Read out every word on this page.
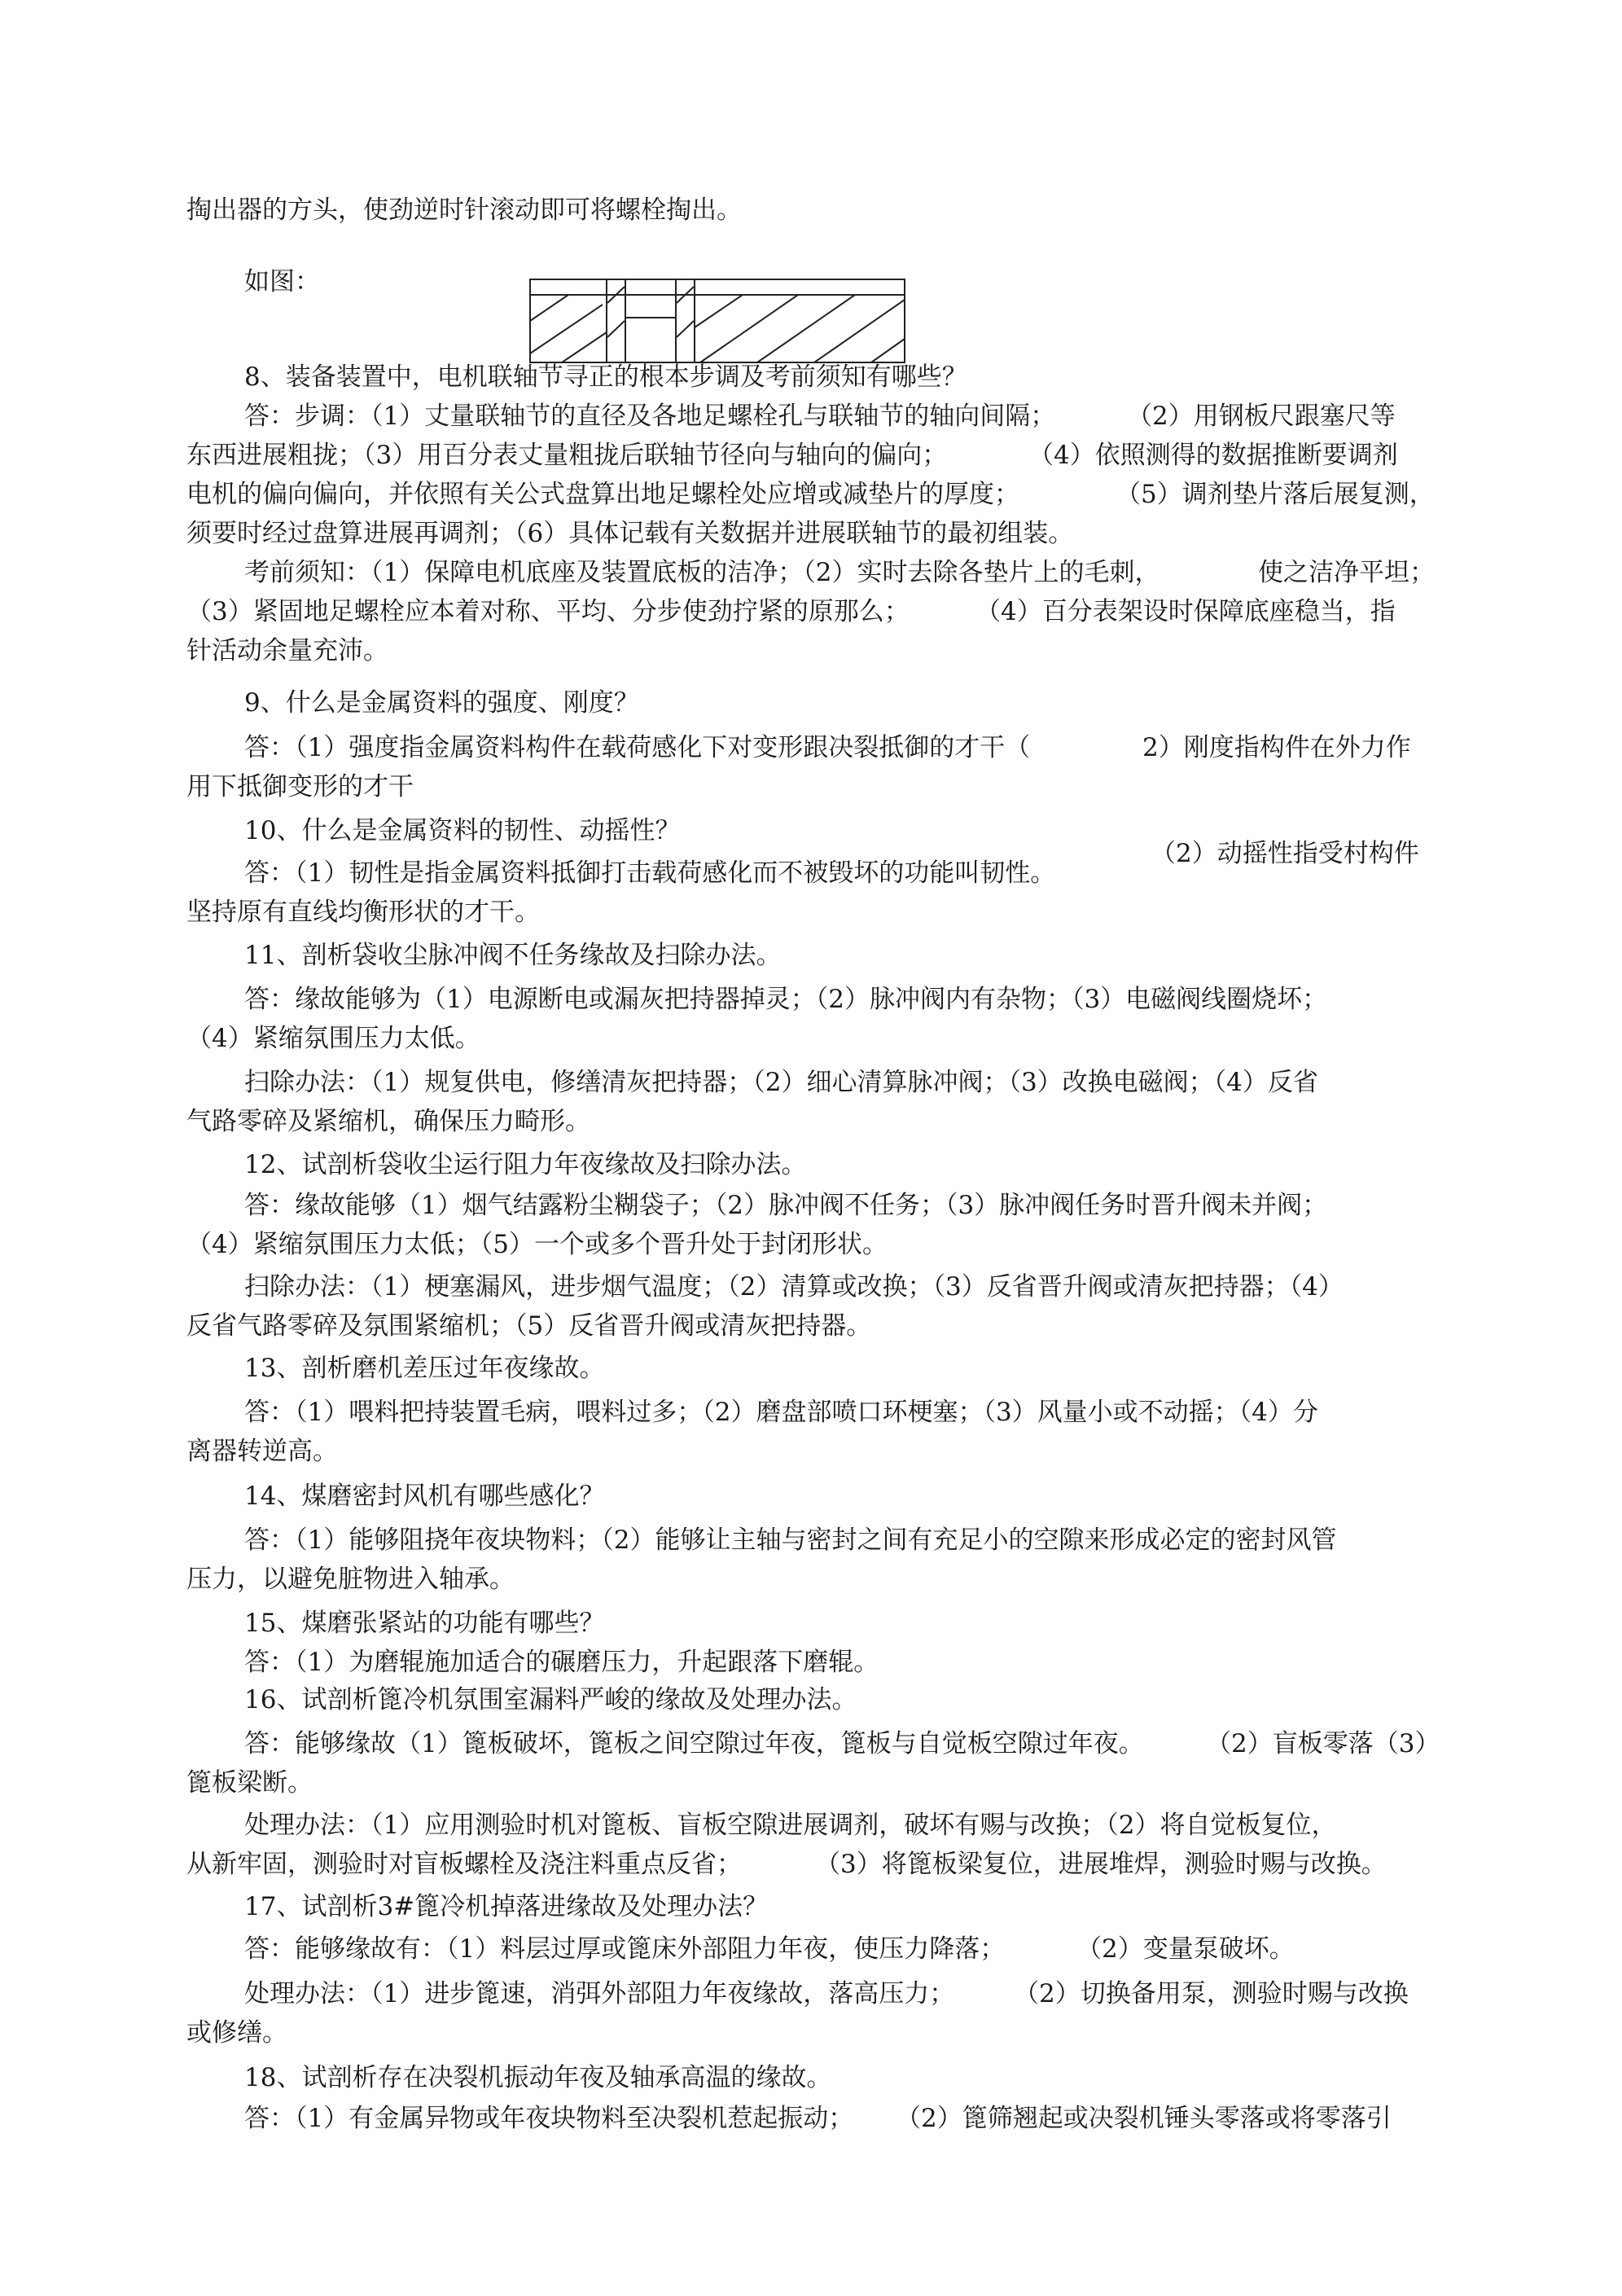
掏出器的方头，使劲逆时针滚动即可将螺栓掏出。
如图：
8、装备装置中，电机联轴节寻正的根本步调及考前须知有哪些？
答：步调：（1）丈量联轴节的直径及各地足螺栓孔与联轴节的轴向间隔；	（2）用钢板尺跟塞尺等
东西进展粗拢；（3）用百分表丈量粗拢后联轴节径向与轴向的偏向；	（4）依照测得的数据推断要调剂
电机的偏向偏向，并依照有关公式盘算出地足螺栓处应增或减垫片的厚度；	（5）调剂垫片落后展复测，
须要时经过盘算进展再调剂；（6）具体记载有关数据并进展联轴节的最初组装。
考前须知：（1）保障电机底座及装置底板的洁净；（2）实时去除各垫片上的毛刺，	使之洁净平坦；
（3）紧固地足螺栓应本着对称、平均、分步使劲拧紧的原那么；	（4）百分表架设时保障底座稳当，指
针活动余量充沛。
9、什么是金属资料的强度、刚度？
答：（1）强度指金属资料构件在载荷感化下对变形跟决裂抵御的才干（	2）刚度指构件在外力作
用下抵御变形的才干
10、什么是金属资料的韧性、动摇性？
答：（1）韧性是指金属资料抵御打击载荷感化而不被毁坏的功能叫韧性。
（2）动摇性指受村构件
坚持原有直线均衡形状的才干。
11、剖析袋收尘脉冲阀不任务缘故及扫除办法。
答：缘故能够为（1）电源断电或漏灰把持器掉灵；（2）脉冲阀内有杂物；（3）电磁阀线圈烧坏；
（4）紧缩氛围压力太低。
扫除办法：（1）规复供电，修缮清灰把持器；（2）细心清算脉冲阀；（3）改换电磁阀；（4）反省
气路零碎及紧缩机，确保压力畸形。
12、试剖析袋收尘运行阻力年夜缘故及扫除办法。
答：缘故能够（1）烟气结露粉尘糊袋子；（2）脉冲阀不任务；（3）脉冲阀任务时晋升阀未并阀；
（4）紧缩氛围压力太低；（5）一个或多个晋升处于封闭形状。
扫除办法：（1）梗塞漏风，进步烟气温度；（2）清算或改换；（3）反省晋升阀或清灰把持器；（4）
反省气路零碎及氛围紧缩机；（5）反省晋升阀或清灰把持器。
13、剖析磨机差压过年夜缘故。
答：（1）喂料把持装置毛病，喂料过多；（2）磨盘部喷口环梗塞；（3）风量小或不动摇；（4）分
离器转逆高。
14、煤磨密封风机有哪些感化？
答：（1）能够阻挠年夜块物料；（2）能够让主轴与密封之间有充足小的空隙来形成必定的密封风管
压力，以避免脏物进入轴承。
15、煤磨张紧站的功能有哪些？
答：（1）为磨辊施加适合的碾磨压力，升起跟落下磨辊。
16、试剖析篦冷机氛围室漏料严峻的缘故及处理办法。
答：能够缘故（1）篦板破坏，篦板之间空隙过年夜，篦板与自觉板空隙过年夜。 （2）盲板零落（3）
篦板梁断。
处理办法：（1）应用测验时机对篦板、盲板空隙进展调剂，破坏有赐与改换；（2）将自觉板复位，
从新牢固，测验时对盲板螺栓及浇注料重点反省；	（3）将篦板梁复位，进展堆焊，测验时赐与改换。
17、试剖析3#篦冷机掉落进缘故及处理办法？
答：能够缘故有：（1）料层过厚或篦床外部阻力年夜，使压力降落；	（2）变量泵破坏。
处理办法：（1）进步篦速，消弭外部阻力年夜缘故，落高压力； （2）切换备用泵，测验时赐与改换
或修缮。
18、试剖析存在决裂机振动年夜及轴承高温的缘故。
答：（1）有金属异物或年夜块物料至决裂机惹起振动； （2）篦筛翘起或决裂机锤头零落或将零落引
